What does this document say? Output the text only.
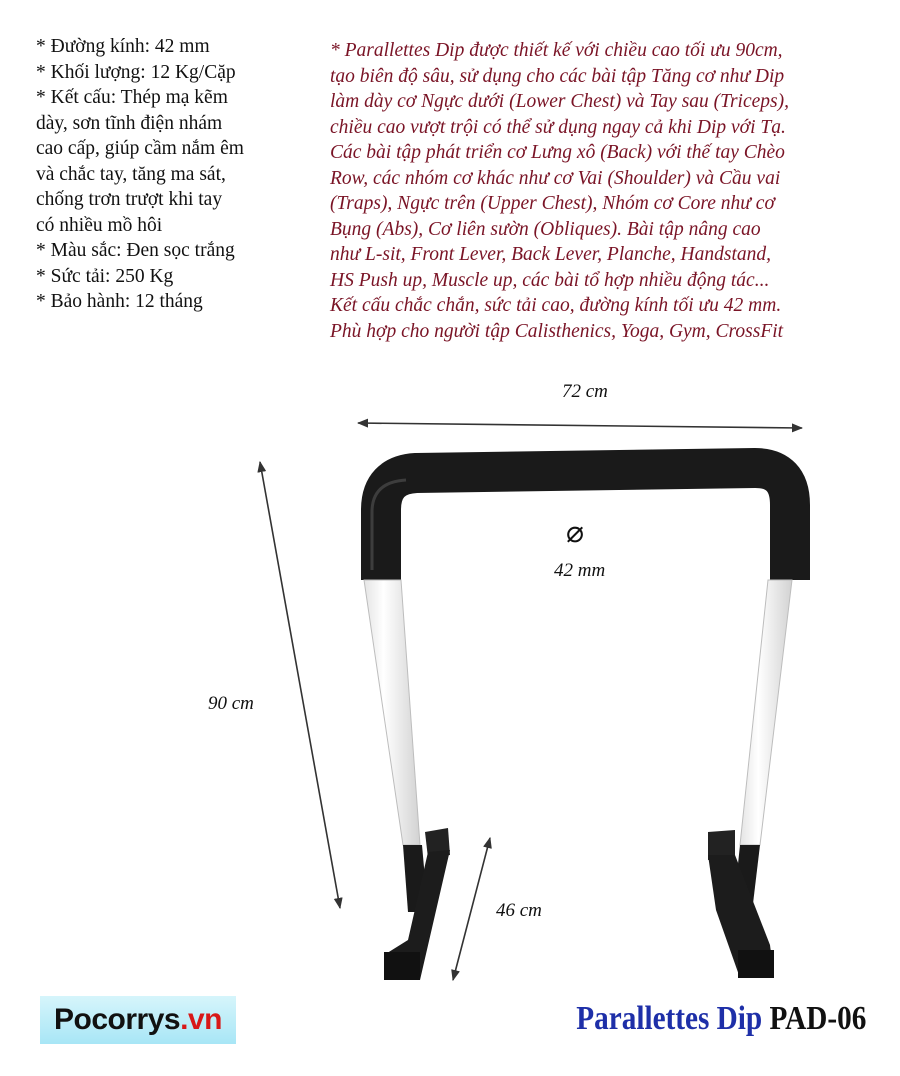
* Đường kính: 42 mm
* Khối lượng: 12 Kg/Cặp
* Kết cấu: Thép mạ kẽm
dày, sơn tĩnh điện nhám
cao cấp, giúp cầm nắm êm
và chắc tay, tăng ma sát,
chống trơn trượt khi tay
có nhiều mồ hôi
* Màu sắc: Đen sọc trắng
* Sức tải: 250 Kg
* Bảo hành: 12 tháng
* Parallettes Dip được thiết kế với chiều cao tối ưu 90cm,
tạo biên độ sâu, sử dụng cho các bài tập Tăng cơ như Dip
làm dày cơ Ngực dưới (Lower Chest) và Tay sau (Triceps),
chiều cao vượt trội có thể sử dụng ngay cả khi Dip với Tạ.
Các bài tập phát triển cơ Lưng xô (Back) với thế tay Chèo
Row, các nhóm cơ khác như cơ Vai (Shoulder) và Cầu vai
(Traps), Ngực trên (Upper Chest), Nhóm cơ Core như cơ
Bụng (Abs), Cơ liên sườn (Obliques). Bài tập nâng cao
như L-sit, Front Lever, Back Lever, Planche, Handstand,
HS Push up, Muscle up, các bài tổ hợp nhiều động tác...
Kết cấu chắc chắn, sức tải cao, đường kính tối ưu 42 mm.
Phù hợp cho người tập Calisthenics, Yoga, Gym, CrossFit
72 cm
90 cm
46 cm
⌀
42 mm
Pocorrys .vn	Parallettes Dip PAD-06
